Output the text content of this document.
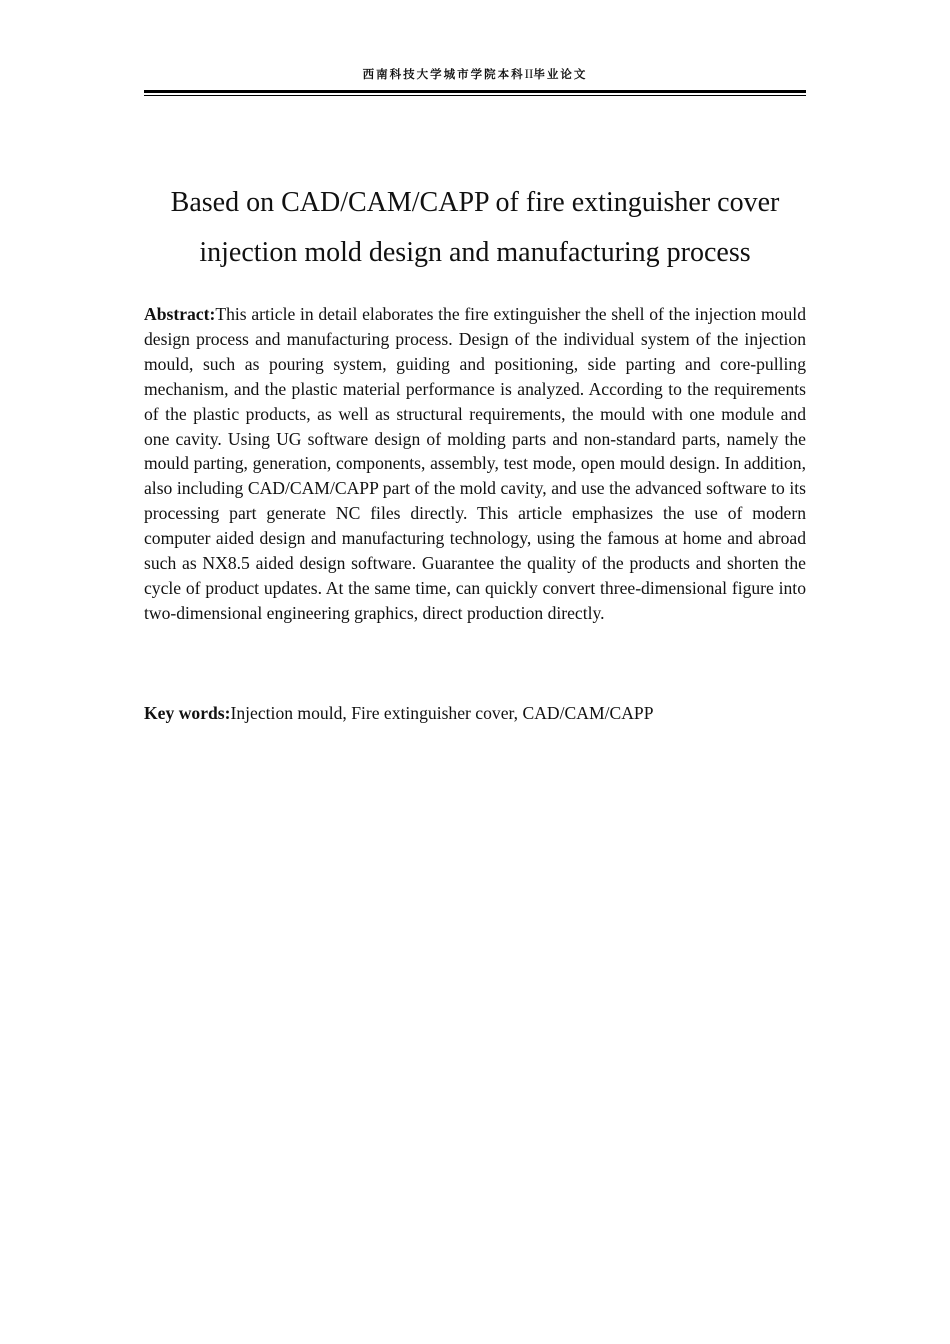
西南科技大学城市学院本科II毕业论文
Based on CAD/CAM/CAPP of fire extinguisher cover
injection mold design and manufacturing process

Abstract:This article in detail elaborates the fire extinguisher the shell of the injection mould design process and manufacturing process. Design of the individual system of the injection mould, such as pouring system, guiding and positioning, side parting and core-pulling mechanism, and the plastic material performance is analyzed. According to the requirements of the plastic products, as well as structural requirements, the mould with one module and one cavity. Using UG software design of molding parts and non-standard parts, namely the mould parting, generation, components, assembly, test mode, open mould design. In addition, also including CAD/CAM/CAPP part of the mold cavity, and use the advanced software to its processing part generate NC files directly. This article emphasizes the use of modern computer aided design and manufacturing technology, using the famous at home and abroad such as NX8.5 aided design software. Guarantee the quality of the products and shorten the cycle of product updates. At the same time, can quickly convert three-dimensional figure into two-dimensional engineering graphics, direct production directly.

Key words:Injection mould, Fire extinguisher cover, CAD/CAM/CAPP
